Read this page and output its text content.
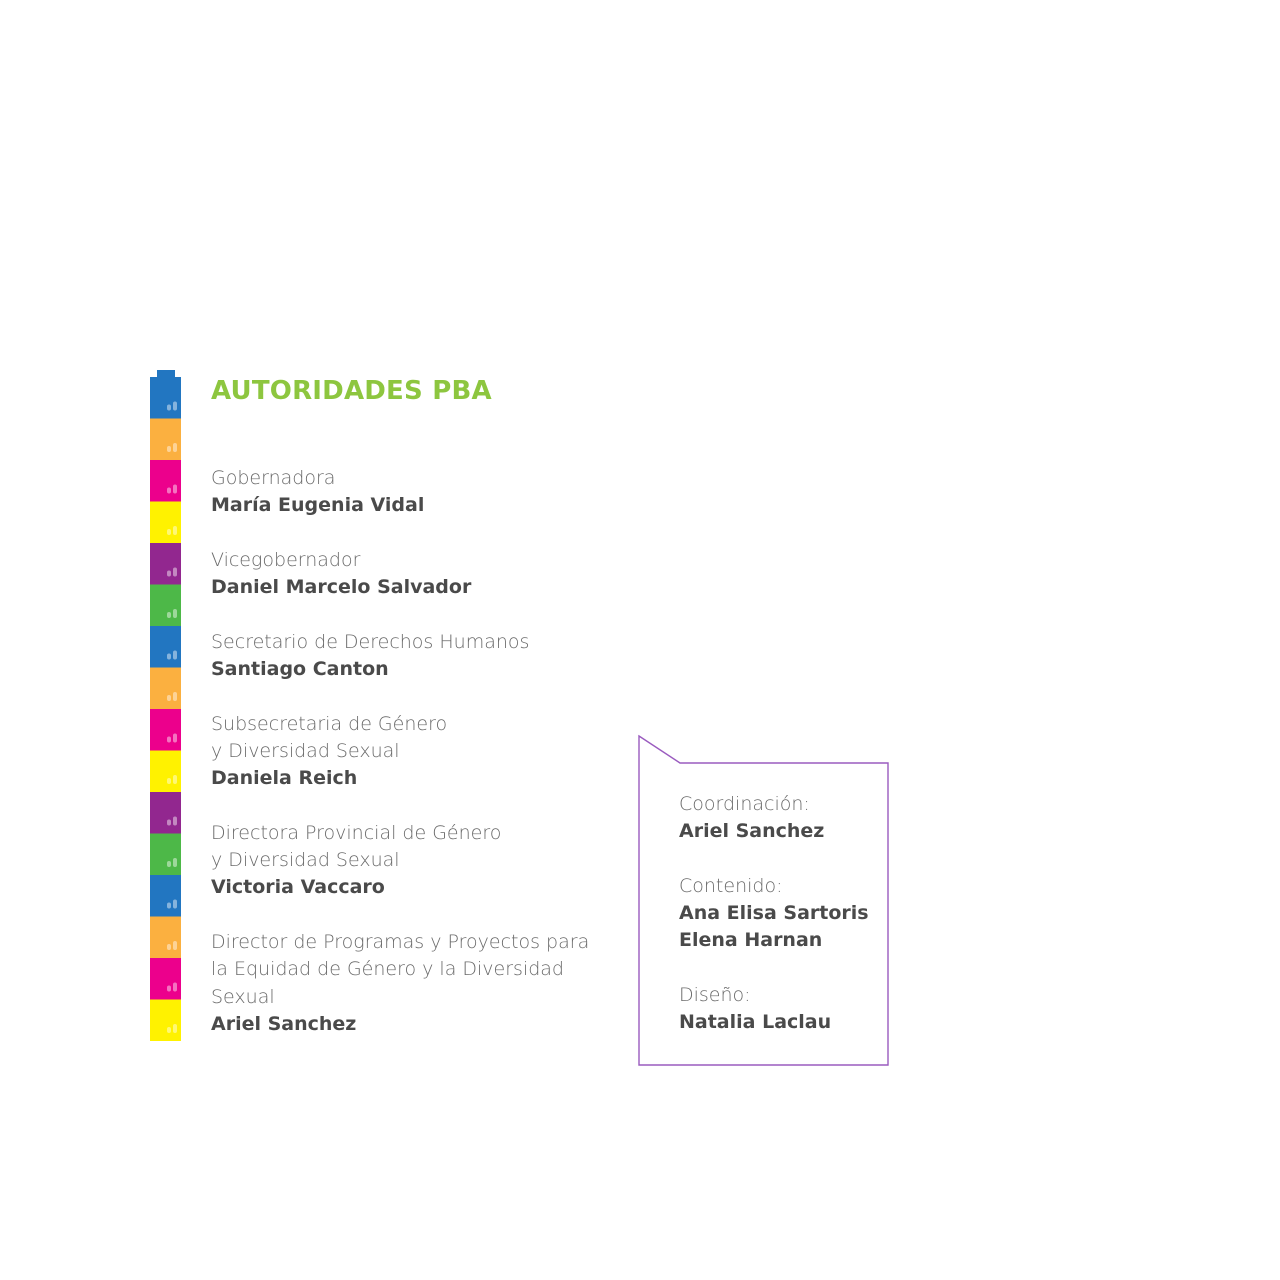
AUTORIDADES PBA
Gobernadora
María Eugenia Vidal
Vicegobernador
Daniel Marcelo Salvador
Secretario de Derechos Humanos
Santiago Canton
Subsecretaria de Género
y Diversidad Sexual
Daniela Reich
Directora Provincial de Género
y Diversidad Sexual
Victoria Vaccaro
Director de Programas y Proyectos para
la Equidad de Género y la Diversidad
Sexual
Ariel Sanchez
Coordinación:
Ariel Sanchez
Contenido:
Ana Elisa Sartoris
Elena Harnan
Diseño:
Natalia Laclau
